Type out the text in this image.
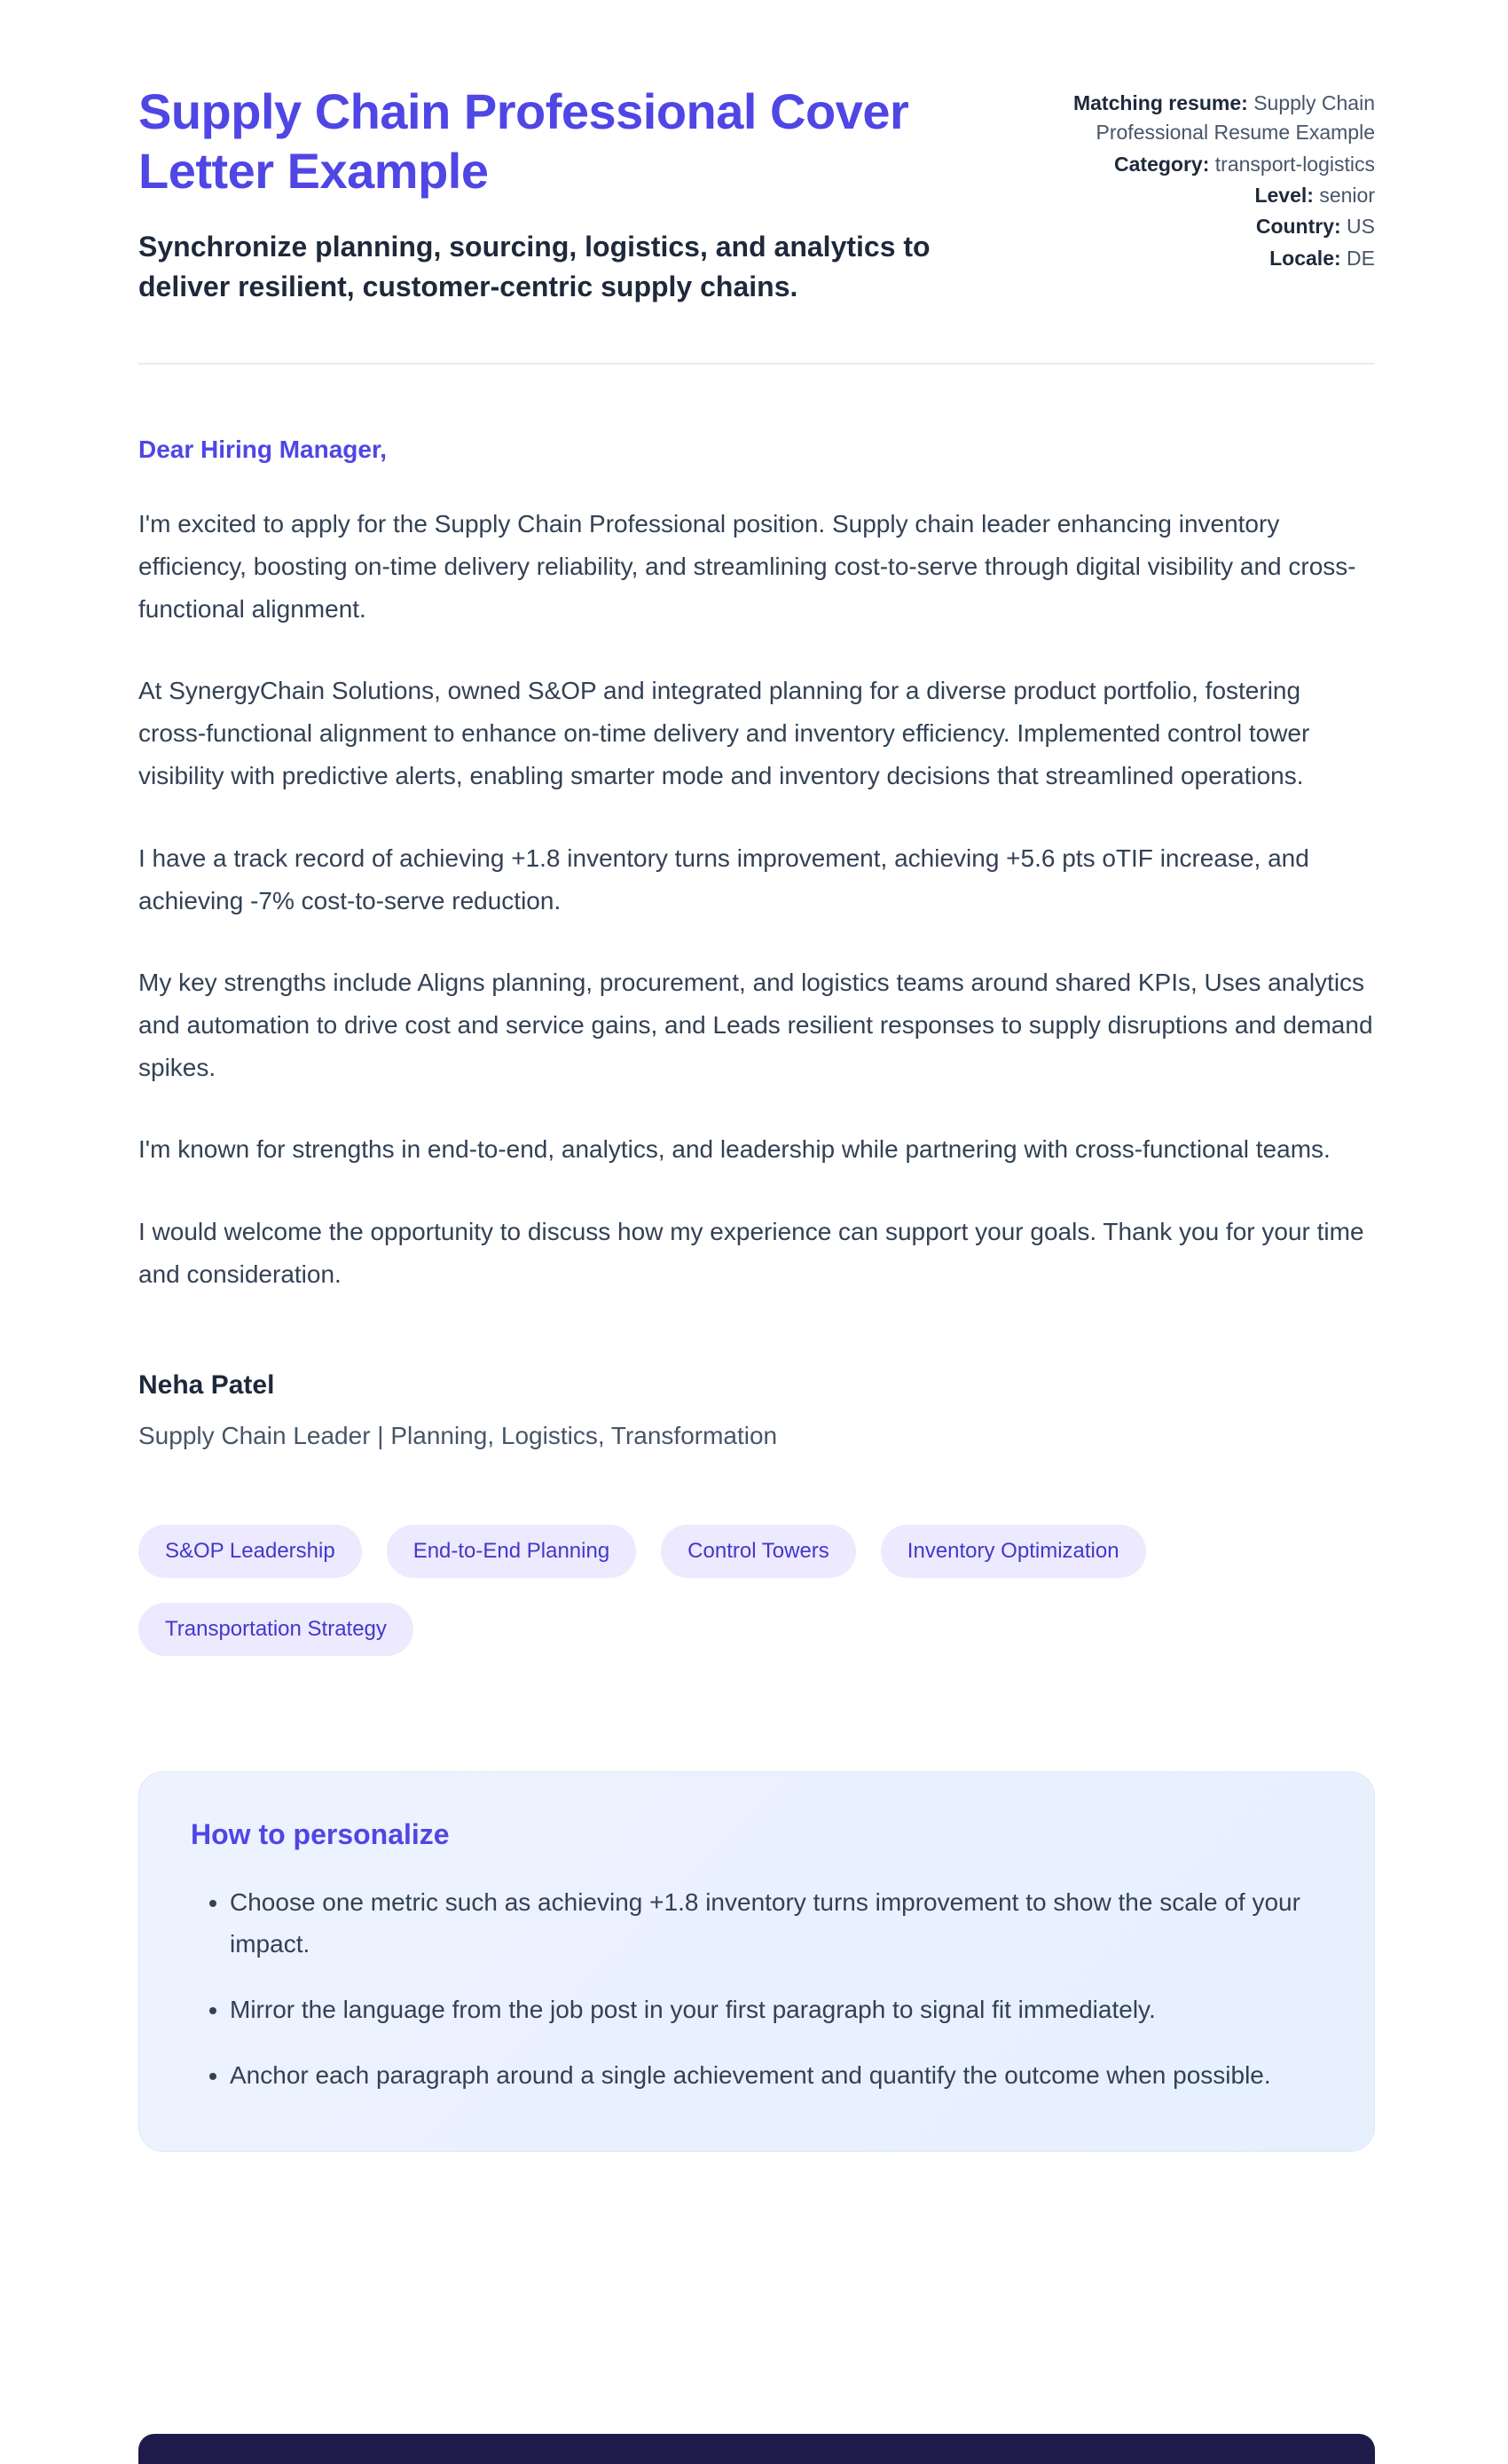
Supply Chain Professional Cover Letter Example
Synchronize planning, sourcing, logistics, and analytics to deliver resilient, customer-centric supply chains.
Matching resume: Supply Chain Professional Resume Example
Category: transport-logistics
Level: senior
Country: US
Locale: DE
Dear Hiring Manager,

I'm excited to apply for the Supply Chain Professional position. Supply chain leader enhancing inventory efficiency, boosting on-time delivery reliability, and streamlining cost-to-serve through digital visibility and cross-functional alignment.

At SynergyChain Solutions, owned S&OP and integrated planning for a diverse product portfolio, fostering cross-functional alignment to enhance on-time delivery and inventory efficiency. Implemented control tower visibility with predictive alerts, enabling smarter mode and inventory decisions that streamlined operations.

I have a track record of achieving +1.8 inventory turns improvement, achieving +5.6 pts oTIF increase, and achieving -7% cost-to-serve reduction.

My key strengths include Aligns planning, procurement, and logistics teams around shared KPIs, Uses analytics and automation to drive cost and service gains, and Leads resilient responses to supply disruptions and demand spikes.

I'm known for strengths in end-to-end, analytics, and leadership while partnering with cross-functional teams.

I would welcome the opportunity to discuss how my experience can support your goals. Thank you for your time and consideration.

Neha Patel
Supply Chain Leader | Planning, Logistics, Transformation
S&OP Leadership	End-to-End Planning	Control Towers	Inventory Optimization
Transportation Strategy
How to personalize
• Choose one metric such as achieving +1.8 inventory turns improvement to show the scale of your impact.
• Mirror the language from the job post in your first paragraph to signal fit immediately.
• Anchor each paragraph around a single achievement and quantify the outcome when possible.
